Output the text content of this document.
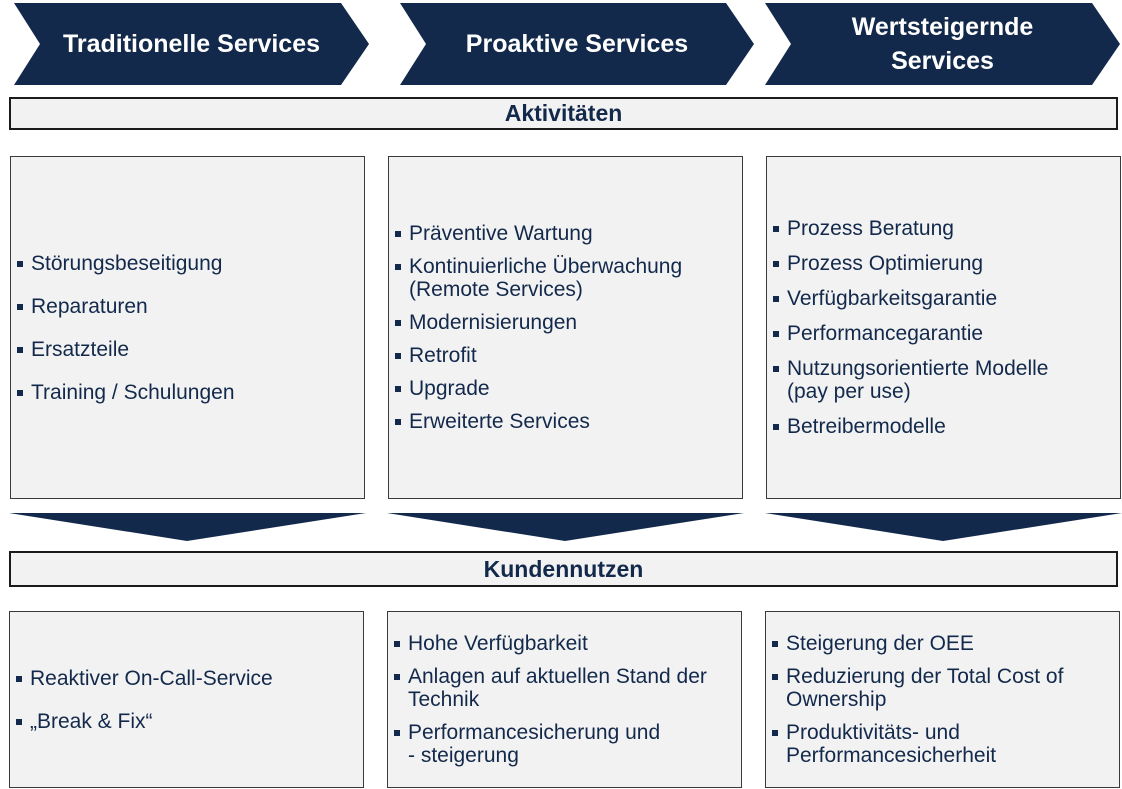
Traditionelle Services	Proaktive Services
Wertsteigernde
Services
Aktivitäten
Störungsbeseitigung
Reparaturen
Ersatzteile
Training / Schulungen
Präventive Wartung
Kontinuierliche Überwachung
(Remote Services)
Modernisierungen
Retrofit
Upgrade
Erweiterte Services
Prozess Beratung
Prozess Optimierung
Verfügbarkeitsgarantie
Performancegarantie
Nutzungsorientierte Modelle
(pay per use)
Betreibermodelle
Kundennutzen
Reaktiver On-Call-Service
„Break & Fix“
Hohe Verfügbarkeit
Anlagen auf aktuellen Stand der
Technik
Performancesicherung und
- steigerung
Steigerung der OEE
Reduzierung der Total Cost of
Ownership
Produktivitäts- und
Performancesicherheit
